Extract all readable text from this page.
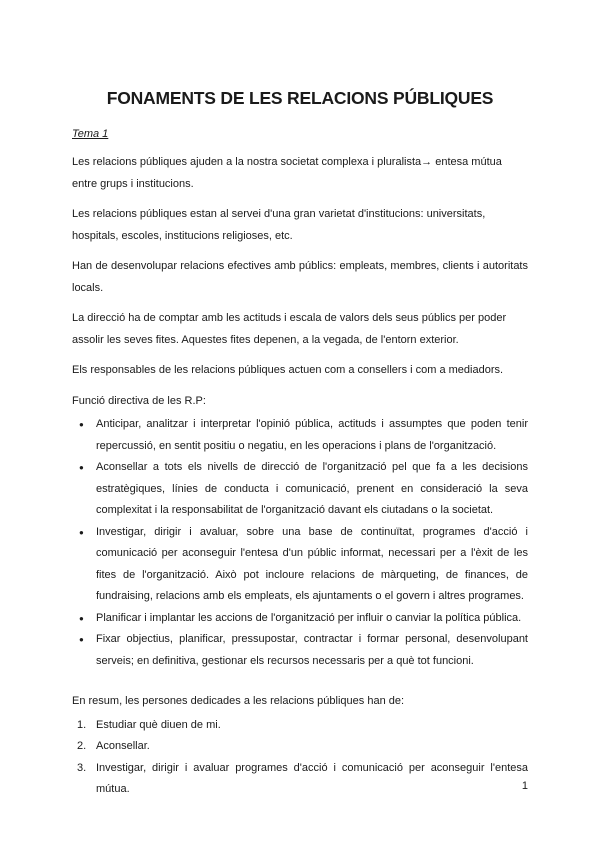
FONAMENTS DE LES RELACIONS PÚBLIQUES

Tema 1

Les relacions públiques ajuden a la nostra societat complexa i pluralista→ entesa mútua entre grups i institucions.

Les relacions públiques estan al servei d'una gran varietat d'institucions: universitats, hospitals, escoles, institucions religioses, etc.

Han de desenvolupar relacions efectives amb públics: empleats, membres, clients i autoritats locals.

La direcció ha de comptar amb les actituds i escala de valors dels seus públics per poder assolir les seves fites. Aquestes fites depenen, a la vegada, de l'entorn exterior.

Els responsables de les relacions públiques actuen com a consellers i com a mediadors.

Funció directiva de les R.P:

● Anticipar, analitzar i interpretar l'opinió pública, actituds i assumptes que poden tenir repercussió, en sentit positiu o negatiu, en les operacions i plans de l'organització.
● Aconsellar a tots els nivells de direcció de l'organització pel que fa a les decisions estratègiques, línies de conducta i comunicació, prenent en consideració la seva complexitat i la responsabilitat de l'organització davant els ciutadans o la societat.
● Investigar, dirigir i avaluar, sobre una base de continuïtat, programes d'acció i comunicació per aconseguir l'entesa d'un públic informat, necessari per a l'èxit de les fites de l'organització. Això pot incloure relacions de màrqueting, de finances, de fundraising, relacions amb els empleats, els ajuntaments o el govern i altres programes.
● Planificar i implantar les accions de l'organització per influir o canviar la política pública.
● Fixar objectius, planificar, pressupostar, contractar i formar personal, desenvolupant serveis; en definitiva, gestionar els recursos necessaris per a què tot funcioni.

En resum, les persones dedicades a les relacions públiques han de:

1. Estudiar què diuen de mi.
2. Aconsellar.
3. Investigar, dirigir i avaluar programes d'acció i comunicació per aconseguir l'entesa mútua.	1
